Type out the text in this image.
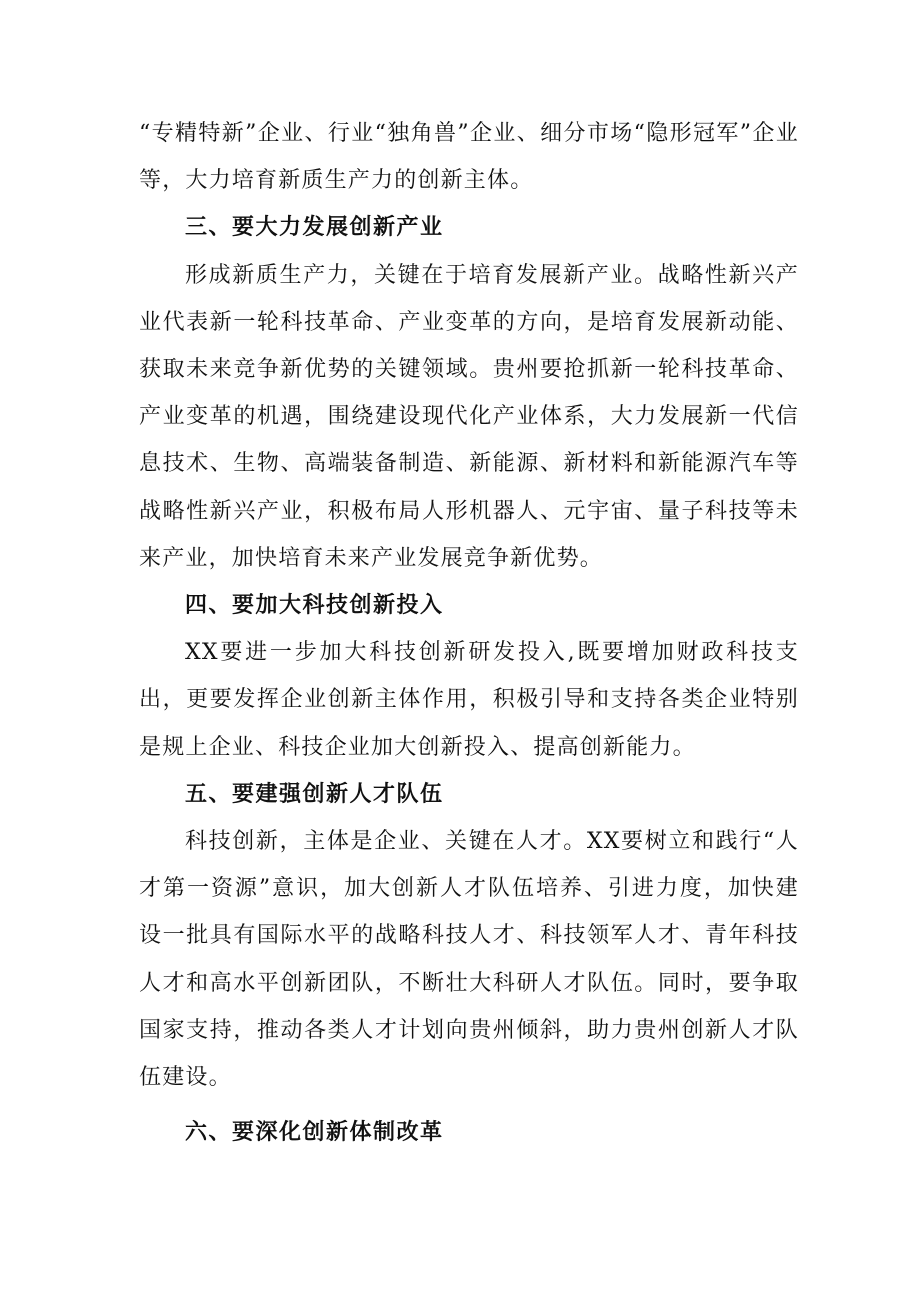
“专精特新”企业、行业“独角兽”企业、细分市场“隐形冠军”企业等，大力培育新质生产力的创新主体。

三、要大力发展创新产业

形成新质生产力，关键在于培育发展新产业。战略性新兴产业代表新一轮科技革命、产业变革的方向，是培育发展新动能、获取未来竞争新优势的关键领域。贵州要抢抓新一轮科技革命、产业变革的机遇，围绕建设现代化产业体系，大力发展新一代信息技术、生物、高端装备制造、新能源、新材料和新能源汽车等战略性新兴产业，积极布局人形机器人、元宇宙、量子科技等未来产业，加快培育未来产业发展竞争新优势。

四、要加大科技创新投入

XX要进一步加大科技创新研发投入,既要增加财政科技支出，更要发挥企业创新主体作用，积极引导和支持各类企业特别是规上企业、科技企业加大创新投入、提高创新能力。

五、要建强创新人才队伍

科技创新，主体是企业、关键在人才。XX要树立和践行“人才第一资源”意识，加大创新人才队伍培养、引进力度，加快建设一批具有国际水平的战略科技人才、科技领军人才、青年科技人才和高水平创新团队，不断壮大科研人才队伍。同时，要争取国家支持，推动各类人才计划向贵州倾斜，助力贵州创新人才队伍建设。

六、要深化创新体制改革
